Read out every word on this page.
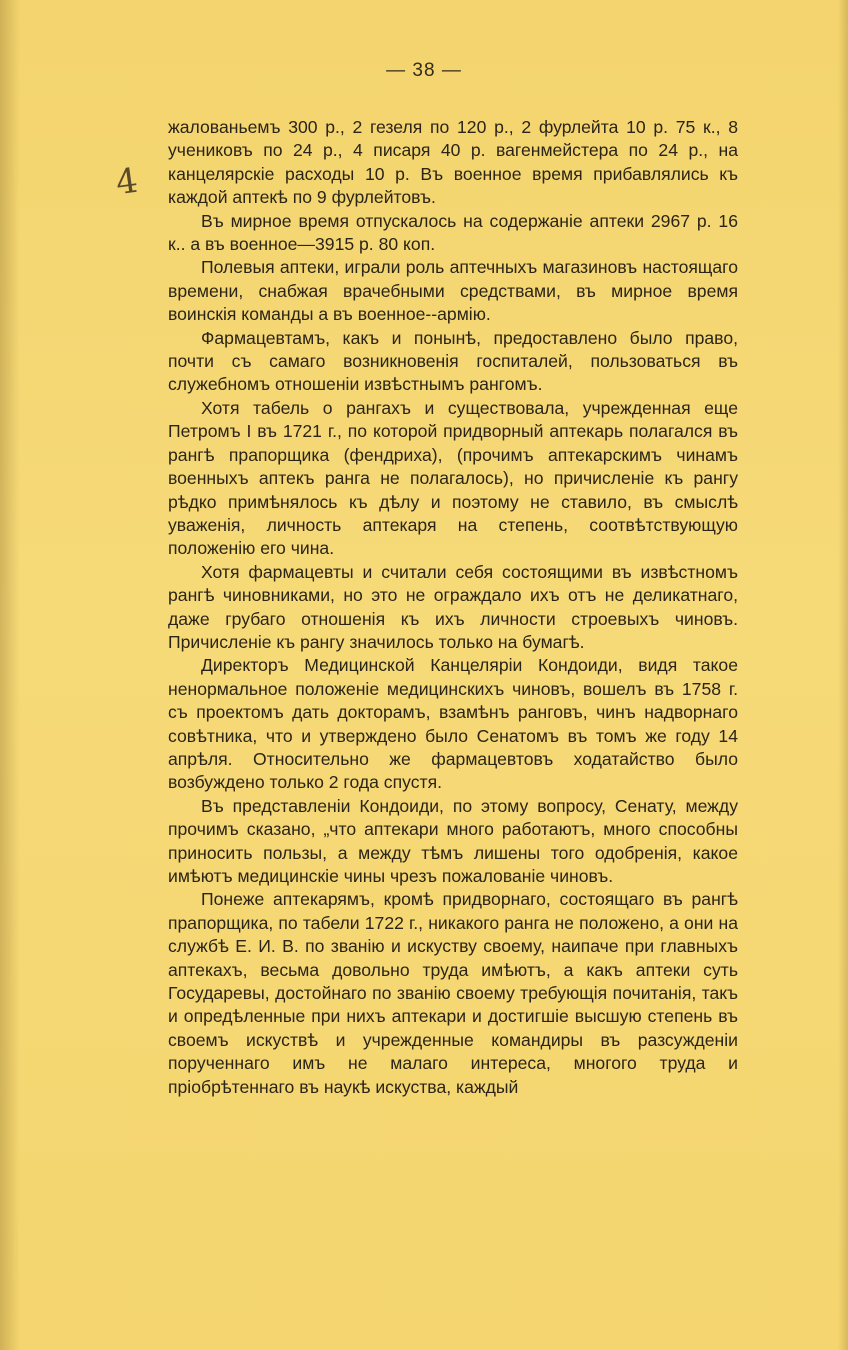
— 38 —
4

жалованьемъ 300 р., 2 гезеля по 120 р., 2 фурлейта 10 р. 75 к., 8 учениковъ по 24 р., 4 писаря 40 р. вагенмейстера по 24 р., на канцелярскiе расходы 10 р. Въ военное время прибавлялись къ каждой аптекѣ по 9 фурлейтовъ.

Въ мирное время отпускалось на содержанiе аптеки 2967 р. 16 к.. а въ военное—3915 р. 80 коп.

Полевыя аптеки, играли роль аптечныхъ магазиновъ настоящаго времени, снабжая врачебными средствами, въ мирное время воинскiя команды а въ военное--армiю.

Фармацевтамъ, какъ и понынѣ, предоставлено было право, почти съ самаго возникновенiя госпиталей, пользоваться въ служебномъ отношенiи извѣстнымъ рангомъ.

Хотя табель о рангахъ и существовала, учрежденная еще Петромъ I въ 1721 г., по которой придворный аптекарь полагался въ рангѣ прапорщика (фендриха), (прочимъ аптекарскимъ чинамъ военныхъ аптекъ ранга не полагалось), но причисленiе къ рангу рѣдко примѣнялось къ дѣлу и поэтому не ставило, въ смыслѣ уваженiя, личность аптекаря на степень, соотвѣтствующую положенiю его чина.

Хотя фармацевты и считали себя состоящими въ извѣстномъ рангѣ чиновниками, но это не ограждало ихъ отъ не деликатнаго, даже грубаго отношенiя къ ихъ личности строевыхъ чиновъ. Причисленiе къ рангу значилось только на бумагѣ.

Директоръ Медицинской Канцелярiи Кондоиди, видя такое ненормальное положенiе медицинскихъ чиновъ, вошелъ въ 1758 г. съ проектомъ дать докторамъ, взамѣнъ ранговъ, чинъ надворнаго совѣтника, что и утверждено было Сенатомъ въ томъ же году 14 апрѣля. Относительно же фармацевтовъ ходатайство было возбуждено только 2 года спустя.

Въ представленiи Кондоиди, по этому вопросу, Сенату, между прочимъ сказано, „что аптекари много работаютъ, много способны приносить пользы, а между тѣмъ лишены того одобренiя, какое имѣютъ медицинскiе чины чрезъ пожалованiе чиновъ.

Понеже аптекарямъ, кромѣ придворнаго, состоящаго въ рангѣ прапорщика, по табели 1722 г., никакого ранга не положено, а они на службѣ Е. И. В. по званiю и искуству своему, наипаче при главныхъ аптекахъ, весьма довольно труда имѣютъ, а какъ аптеки суть Государевы, достойнаго по званiю своему требующiя почитанiя, такъ и опредѣленные при нихъ аптекари и достигшiе высшую степень въ своемъ искуствѣ и учрежденные командиры въ разсужденiи порученнаго имъ не малаго интереса, многого труда и прiобрѣтеннаго въ наукѣ искуства, каждый
